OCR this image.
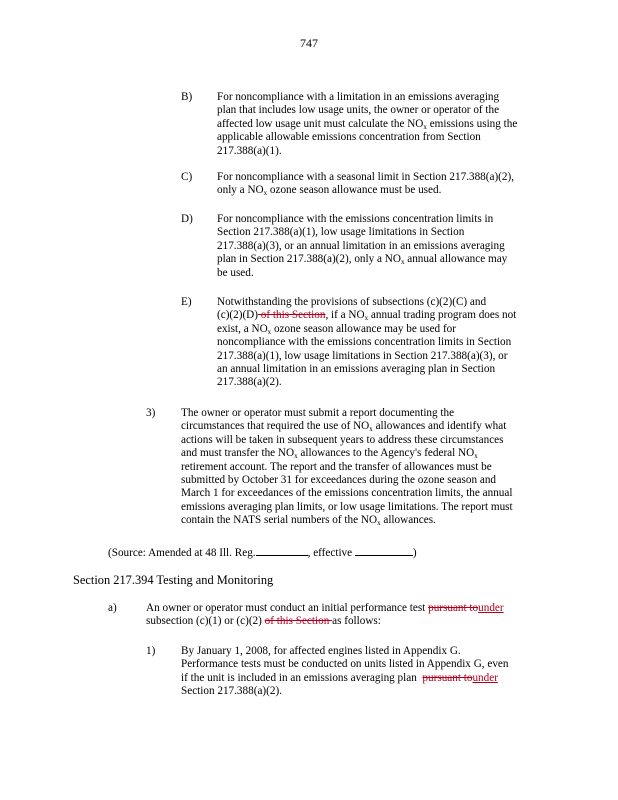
747
B) For noncompliance with a limitation in an emissions averaging
plan that includes low usage units, the owner or operator of the
affected low usage unit must calculate the $NO_x$ emissions using the
applicable allowable emissions concentration from Section
217.388(a)(1).
C) For noncompliance with a seasonal limit in Section 217.388(a)(2),
only a $NO_x$ ozone season allowance must be used.
D) For noncompliance with the emissions concentration limits in
Section 217.388(a)(1), low usage limitations in Section
217.388(a)(3), or an annual limitation in an emissions averaging
plan in Section 217.388(a)(2), only a $NO_x$ annual allowance may
be used.
E) Notwithstanding the provisions of subsections (c)(2)(C) and
(c)(2)(D) of this Section, if a $NO_x$ annual trading program does not
exist, a $NO_x$ ozone season allowance may be used for
noncompliance with the emissions concentration limits in Section
217.388(a)(1), low usage limitations in Section 217.388(a)(3), or
an annual limitation in an emissions averaging plan in Section
217.388(a)(2).
3) The owner or operator must submit a report documenting the
circumstances that required the use of $NO_x$ allowances and identify what
actions will be taken in subsequent years to address these circumstances
and must transfer the $NO_x$ allowances to the Agency's federal $NO_x$
retirement account. The report and the transfer of allowances must be
submitted by October 31 for exceedances during the ozone season and
March 1 for exceedances of the emissions concentration limits, the annual
emissions averaging plan limits, or low usage limitations. The report must
contain the NATS serial numbers of the $NO_x$ allowances.
(Source: Amended at 48 Ill. Reg.	, effective	)
Section 217.394 Testing and Monitoring
a)	An owner or operator must conduct an initial performance test pursuant tounder
subsection (c)(1) or (c)(2) of this Section as follows:
1) By January 1, 2008, for affected engines listed in Appendix G.
Performance tests must be conducted on units listed in Appendix G, even
if the unit is included in an emissions averaging plan pursuant tounder
Section 217.388(a)(2).
